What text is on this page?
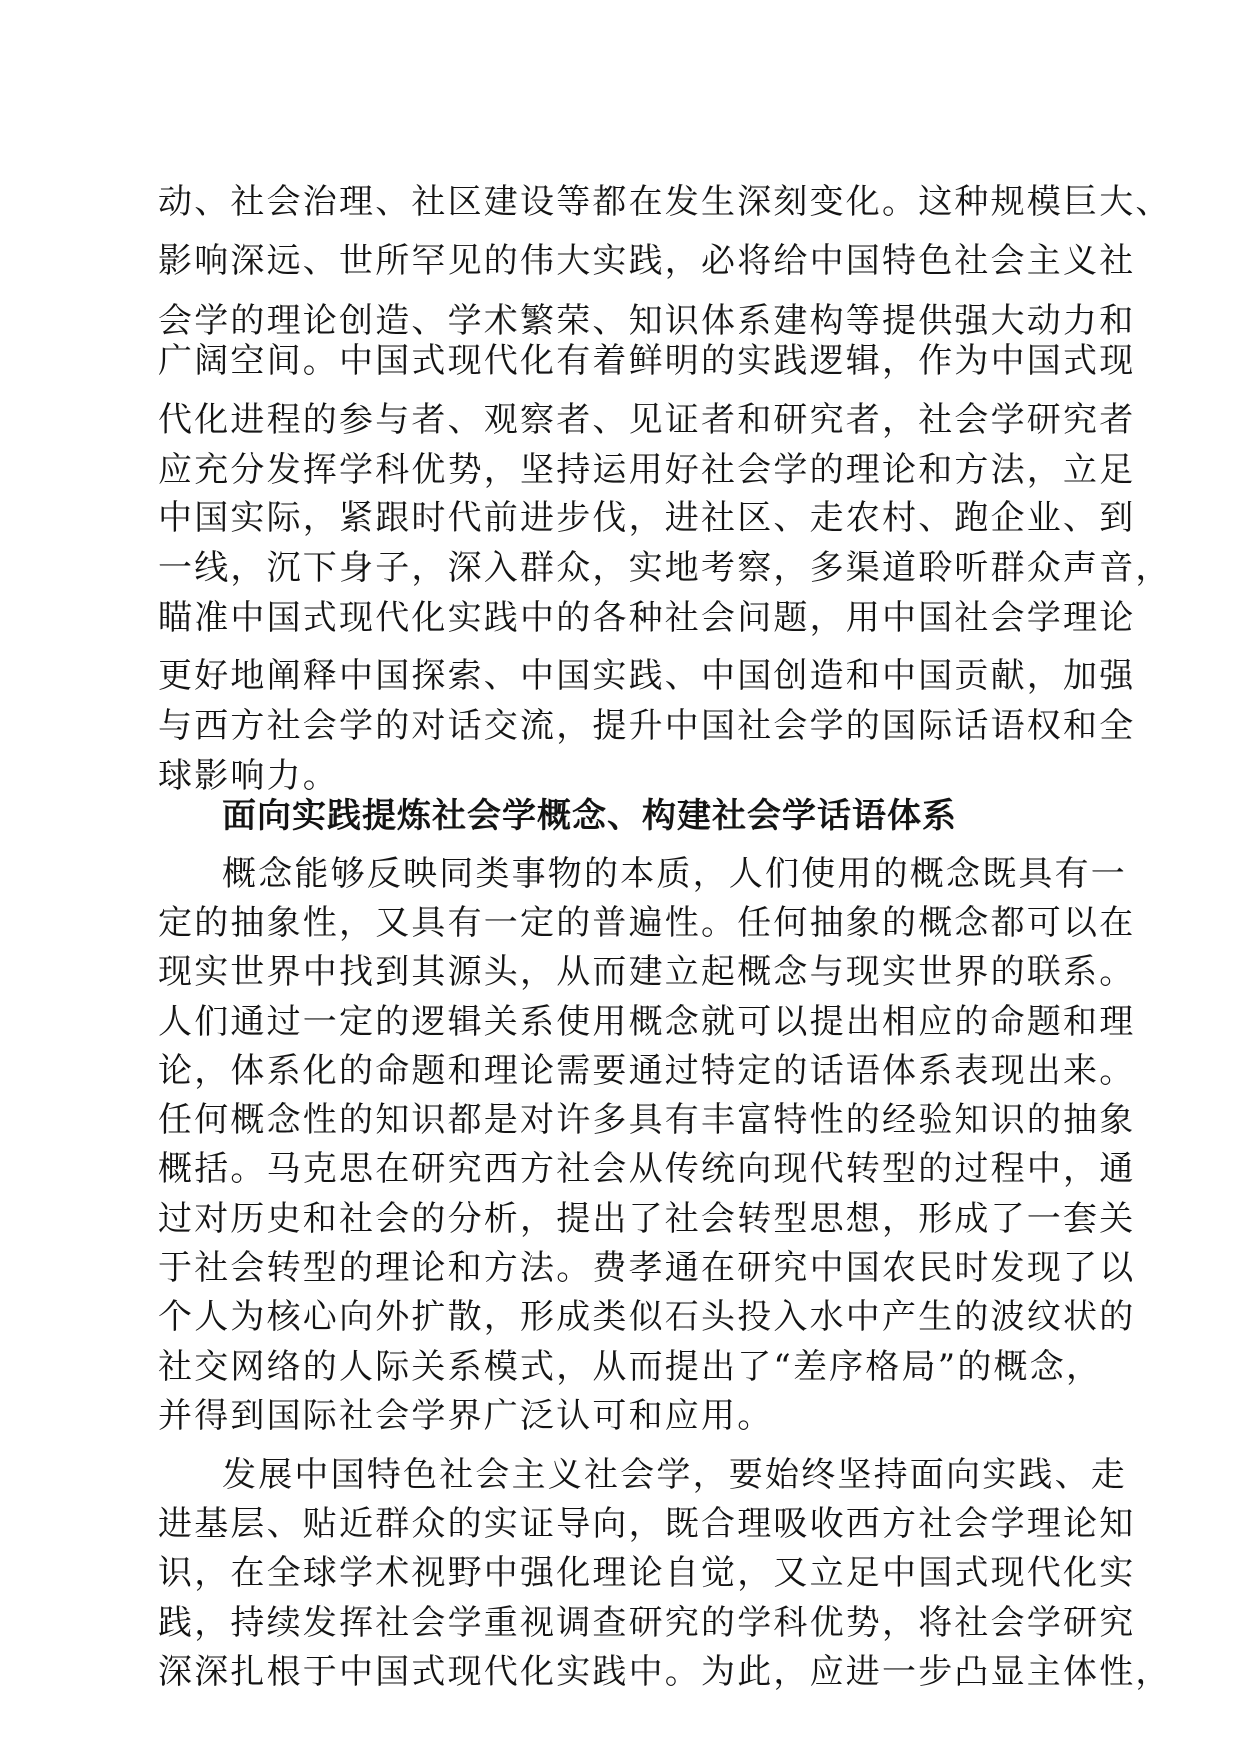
动、社会治理、社区建设等都在发生深刻变化。这种规模巨大、
影响深远、世所罕见的伟大实践，必将给中国特色社会主义社
会学的理论创造、学术繁荣、知识体系建构等提供强大动力和
广阔空间。中国式现代化有着鲜明的实践逻辑，作为中国式现
代化进程的参与者、观察者、见证者和研究者，社会学研究者
应充分发挥学科优势，坚持运用好社会学的理论和方法，立足
中国实际，紧跟时代前进步伐，进社区、走农村、跑企业、到
一线，沉下身子，深入群众，实地考察，多渠道聆听群众声音，
瞄准中国式现代化实践中的各种社会问题，用中国社会学理论
更好地阐释中国探索、中国实践、中国创造和中国贡献，加强
与西方社会学的对话交流，提升中国社会学的国际话语权和全
球影响力。
面向实践提炼社会学概念、构建社会学话语体系
概念能够反映同类事物的本质，人们使用的概念既具有一
定的抽象性，又具有一定的普遍性。任何抽象的概念都可以在
现实世界中找到其源头，从而建立起概念与现实世界的联系。
人们通过一定的逻辑关系使用概念就可以提出相应的命题和理
论，体系化的命题和理论需要通过特定的话语体系表现出来。
任何概念性的知识都是对许多具有丰富特性的经验知识的抽象
概括。马克思在研究西方社会从传统向现代转型的过程中，通
过对历史和社会的分析，提出了社会转型思想，形成了一套关
于社会转型的理论和方法。费孝通在研究中国农民时发现了以
个人为核心向外扩散，形成类似石头投入水中产生的波纹状的
社交网络的人际关系模式，从而提出了“差序格局”的概念，
并得到国际社会学界广泛认可和应用。
发展中国特色社会主义社会学，要始终坚持面向实践、走
进基层、贴近群众的实证导向，既合理吸收西方社会学理论知
识，在全球学术视野中强化理论自觉，又立足中国式现代化实
践，持续发挥社会学重视调查研究的学科优势，将社会学研究
深深扎根于中国式现代化实践中。为此，应进一步凸显主体性，
